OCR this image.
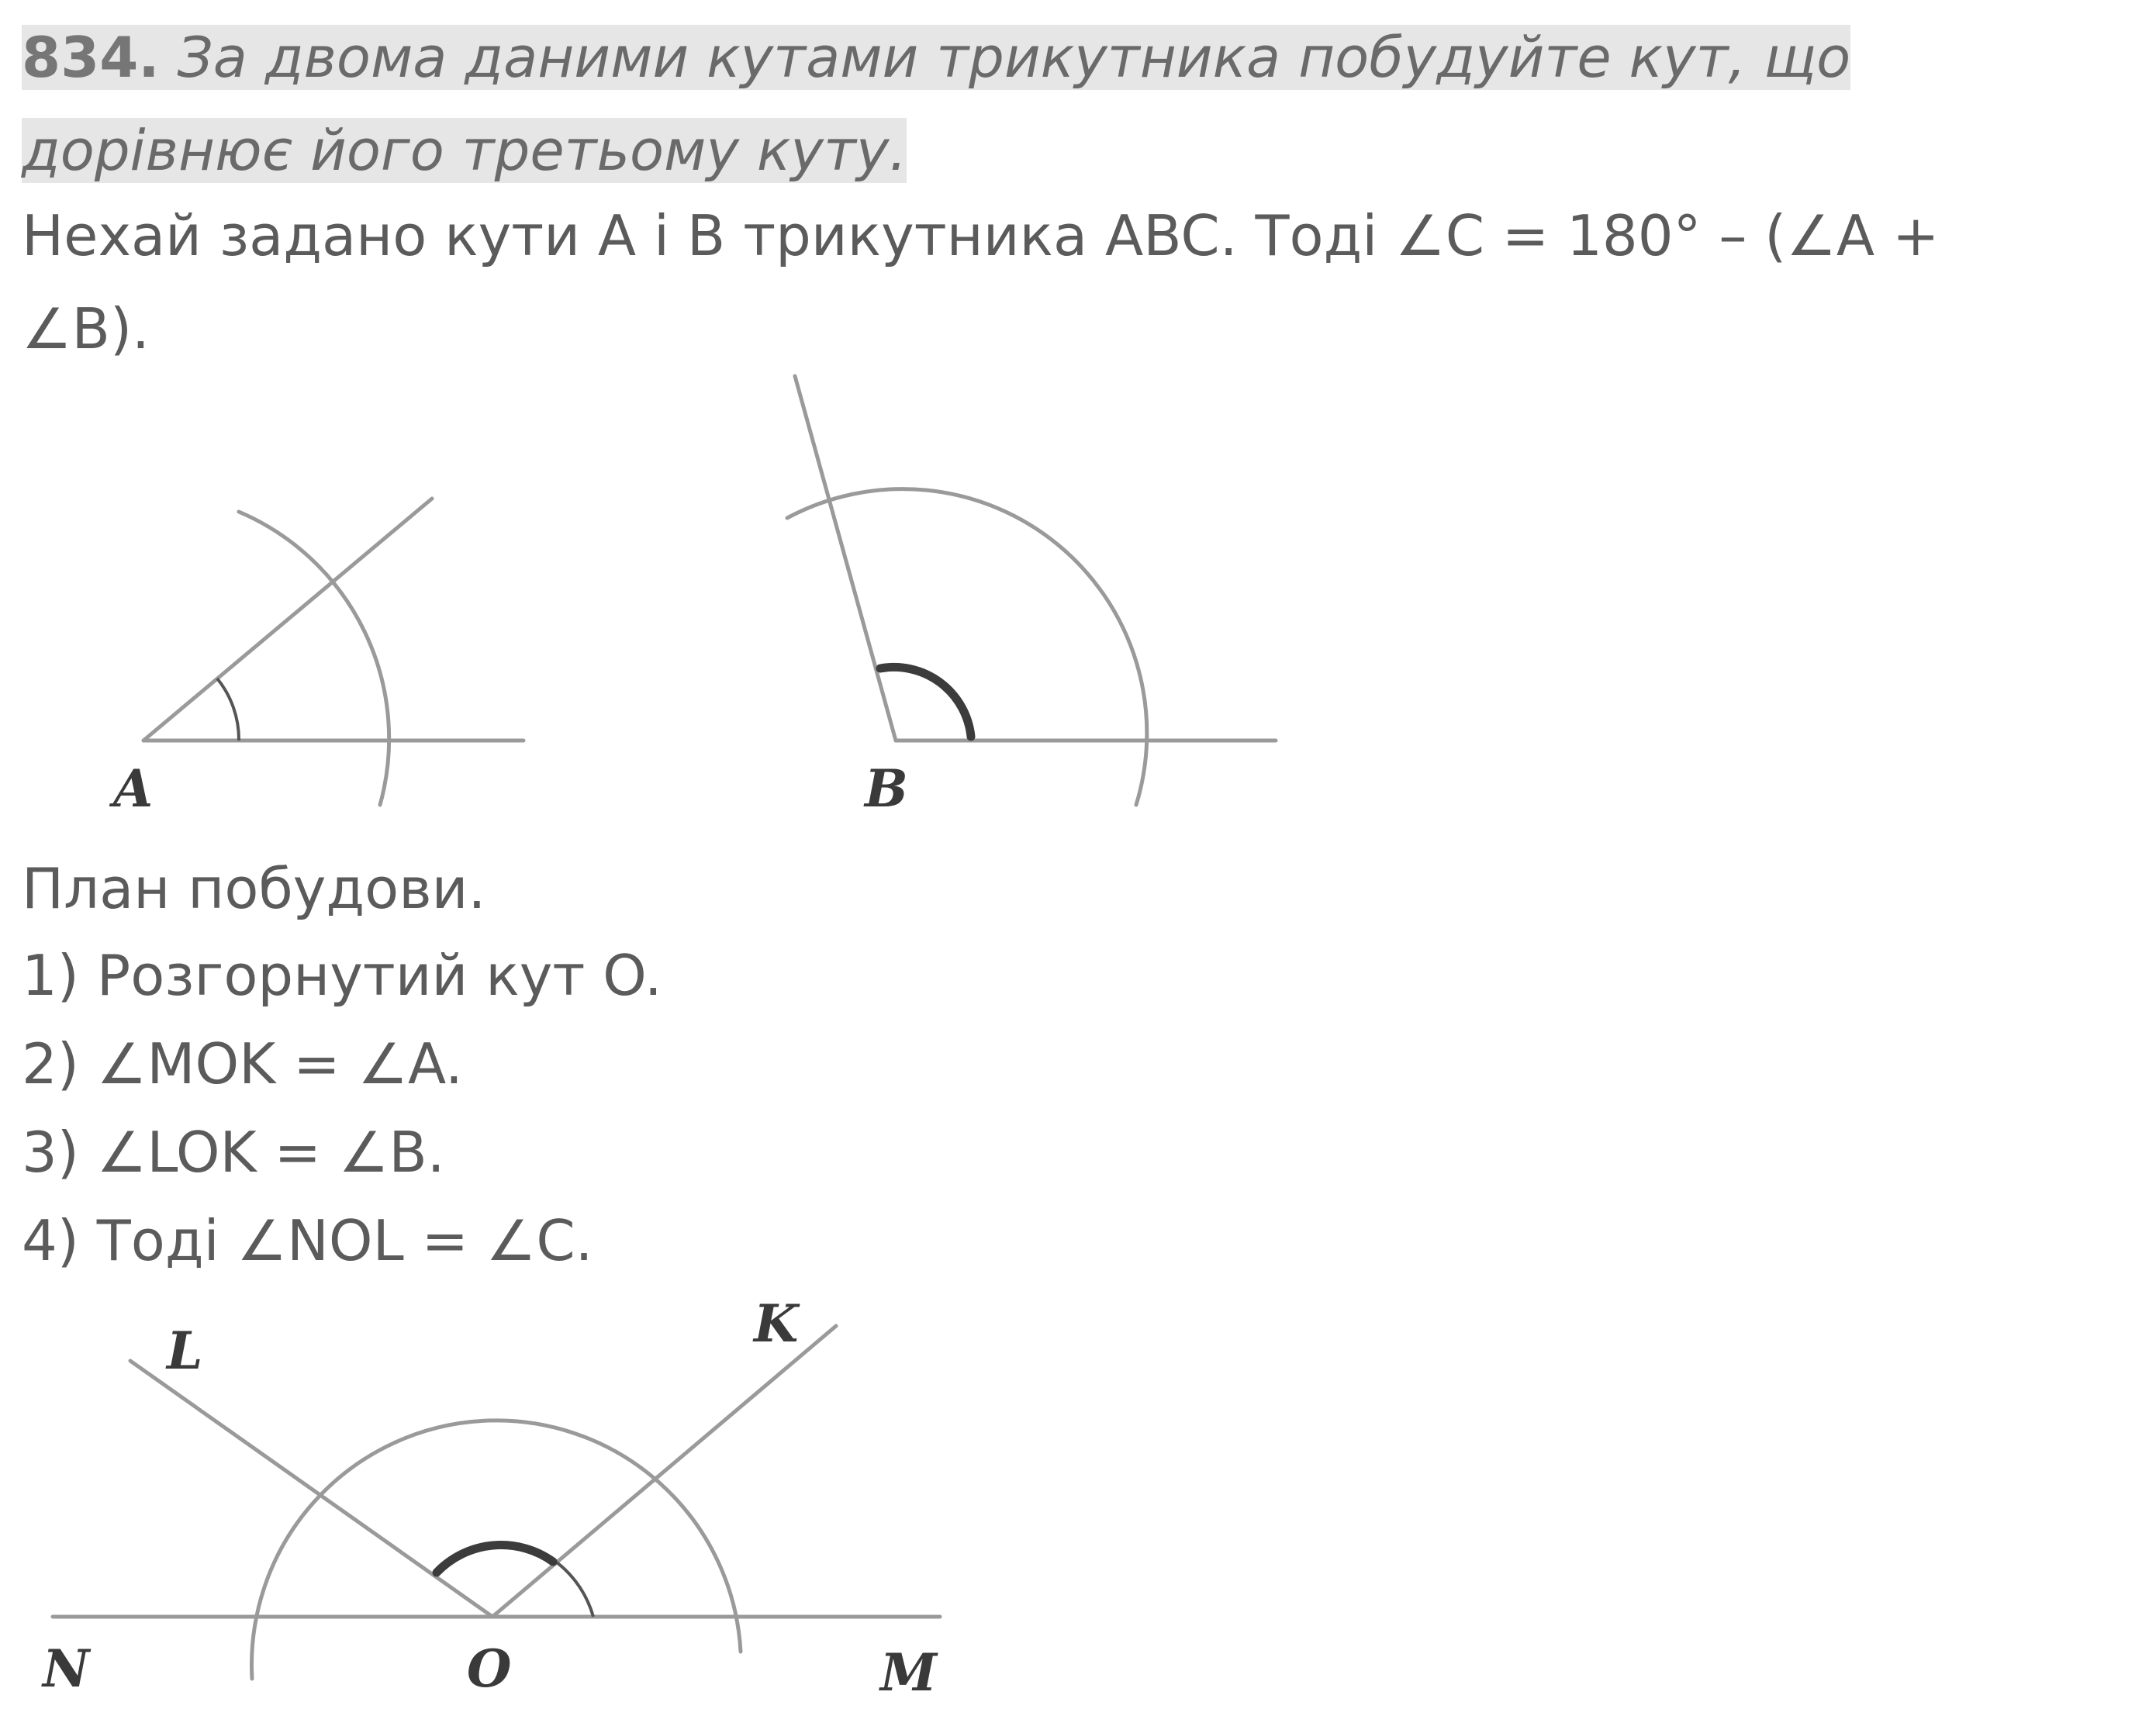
834. За двома даними кутами трикутника побудуйте кут, що
дорівнює його третьому куту.
Нехай задано кути A і B трикутника ABC. Тоді ∠C = 180° – (∠A +
∠B).
План побудови.
1) Розгорнутий кут O.
2) ∠MOK = ∠A.
3) ∠LOK = ∠B.
4) Тоді ∠NOL = ∠C.
A	B
L	K
N	O	M
